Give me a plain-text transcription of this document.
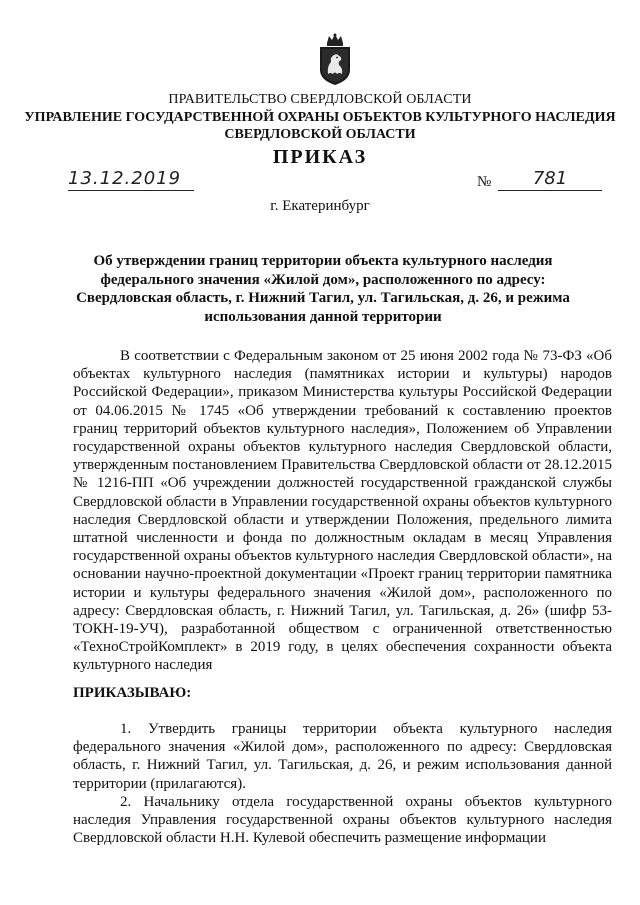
ПРАВИТЕЛЬСТВО СВЕРДЛОВСКОЙ ОБЛАСТИ
УПРАВЛЕНИЕ ГОСУДАРСТВЕННОЙ ОХРАНЫ ОБЪЕКТОВ КУЛЬТУРНОГО НАСЛЕДИЯ
СВЕРДЛОВСКОЙ ОБЛАСТИ
ПРИКАЗ
13.12.2019	№	781
г. Екатеринбург
Об утверждении границ территории объекта культурного наследия федерального значения «Жилой дом», расположенного по адресу: Свердловская область, г. Нижний Тагил, ул. Тагильская, д. 26, и режима использования данной территории

В соответствии с Федеральным законом от 25 июня 2002 года № 73-ФЗ «Об объектах культурного наследия (памятниках истории и культуры) народов Российской Федерации», приказом Министерства культуры Российской Федерации от 04.06.2015 № 1745 «Об утверждении требований к составлению проектов границ территорий объектов культурного наследия», Положением об Управлении государственной охраны объектов культурного наследия Свердловской области, утвержденным постановлением Правительства Свердловской области от 28.12.2015 № 1216-ПП «Об учреждении должностей государственной гражданской службы Свердловской области в Управлении государственной охраны объектов культурного наследия Свердловской области и утверждении Положения, предельного лимита штатной численности и фонда по должностным окладам в месяц Управления государственной охраны объектов культурного наследия Свердловской области», на основании научно-проектной документации «Проект границ территории памятника истории и культуры федерального значения «Жилой дом», расположенного по адресу: Свердловская область, г. Нижний Тагил, ул. Тагильская, д. 26» (шифр 53-ТОКН-19-УЧ), разработанной обществом с ограниченной ответственностью «ТехноСтройКомплект» в 2019 году, в целях обеспечения сохранности объекта культурного наследия

ПРИКАЗЫВАЮ:

1. Утвердить границы территории объекта культурного наследия федерального значения «Жилой дом», расположенного по адресу: Свердловская область, г. Нижний Тагил, ул. Тагильская, д. 26, и режим использования данной территории (прилагаются).

2. Начальнику отдела государственной охраны объектов культурного наследия Управления государственной охраны объектов культурного наследия Свердловской области Н.Н. Кулевой обеспечить размещение информации
